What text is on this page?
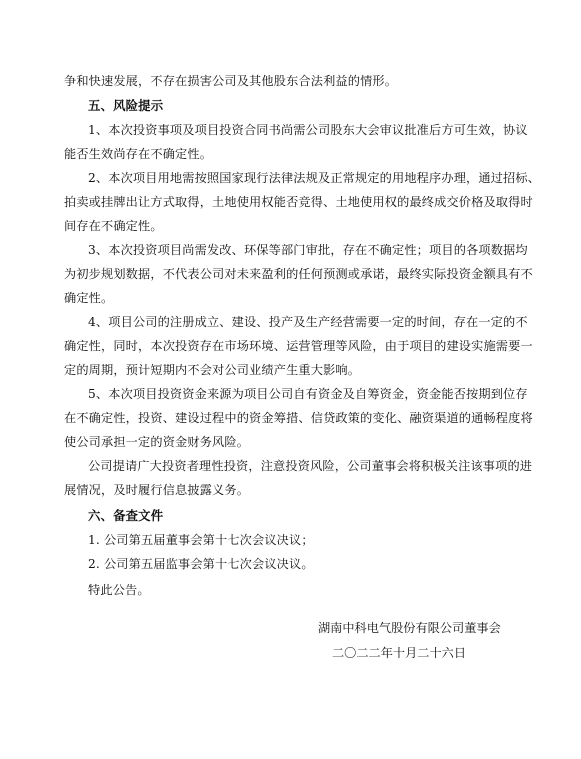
争和快速发展，不存在损害公司及其他股东合法利益的情形。
五、风险提示
1、本次投资事项及项目投资合同书尚需公司股东大会审议批准后方可生效，协议
能否生效尚存在不确定性。
2、本次项目用地需按照国家现行法律法规及正常规定的用地程序办理，通过招标、
拍卖或挂牌出让方式取得，土地使用权能否竞得、土地使用权的最终成交价格及取得时
间存在不确定性。
3、本次投资项目尚需发改、环保等部门审批，存在不确定性；项目的各项数据均
为初步规划数据，不代表公司对未来盈利的任何预测或承诺，最终实际投资金额具有不
确定性。
4、项目公司的注册成立、建设、投产及生产经营需要一定的时间，存在一定的不
确定性，同时，本次投资存在市场环境、运营管理等风险，由于项目的建设实施需要一
定的周期，预计短期内不会对公司业绩产生重大影响。
5、本次项目投资资金来源为项目公司自有资金及自筹资金，资金能否按期到位存
在不确定性，投资、建设过程中的资金筹措、信贷政策的变化、融资渠道的通畅程度将
使公司承担一定的资金财务风险。
公司提请广大投资者理性投资，注意投资风险，公司董事会将积极关注该事项的进
展情况，及时履行信息披露义务。
六、备查文件
1. 公司第五届董事会第十七次会议决议；
2. 公司第五届监事会第十七次会议决议。
特此公告。
湖南中科电气股份有限公司董事会
二〇二二年十月二十六日
